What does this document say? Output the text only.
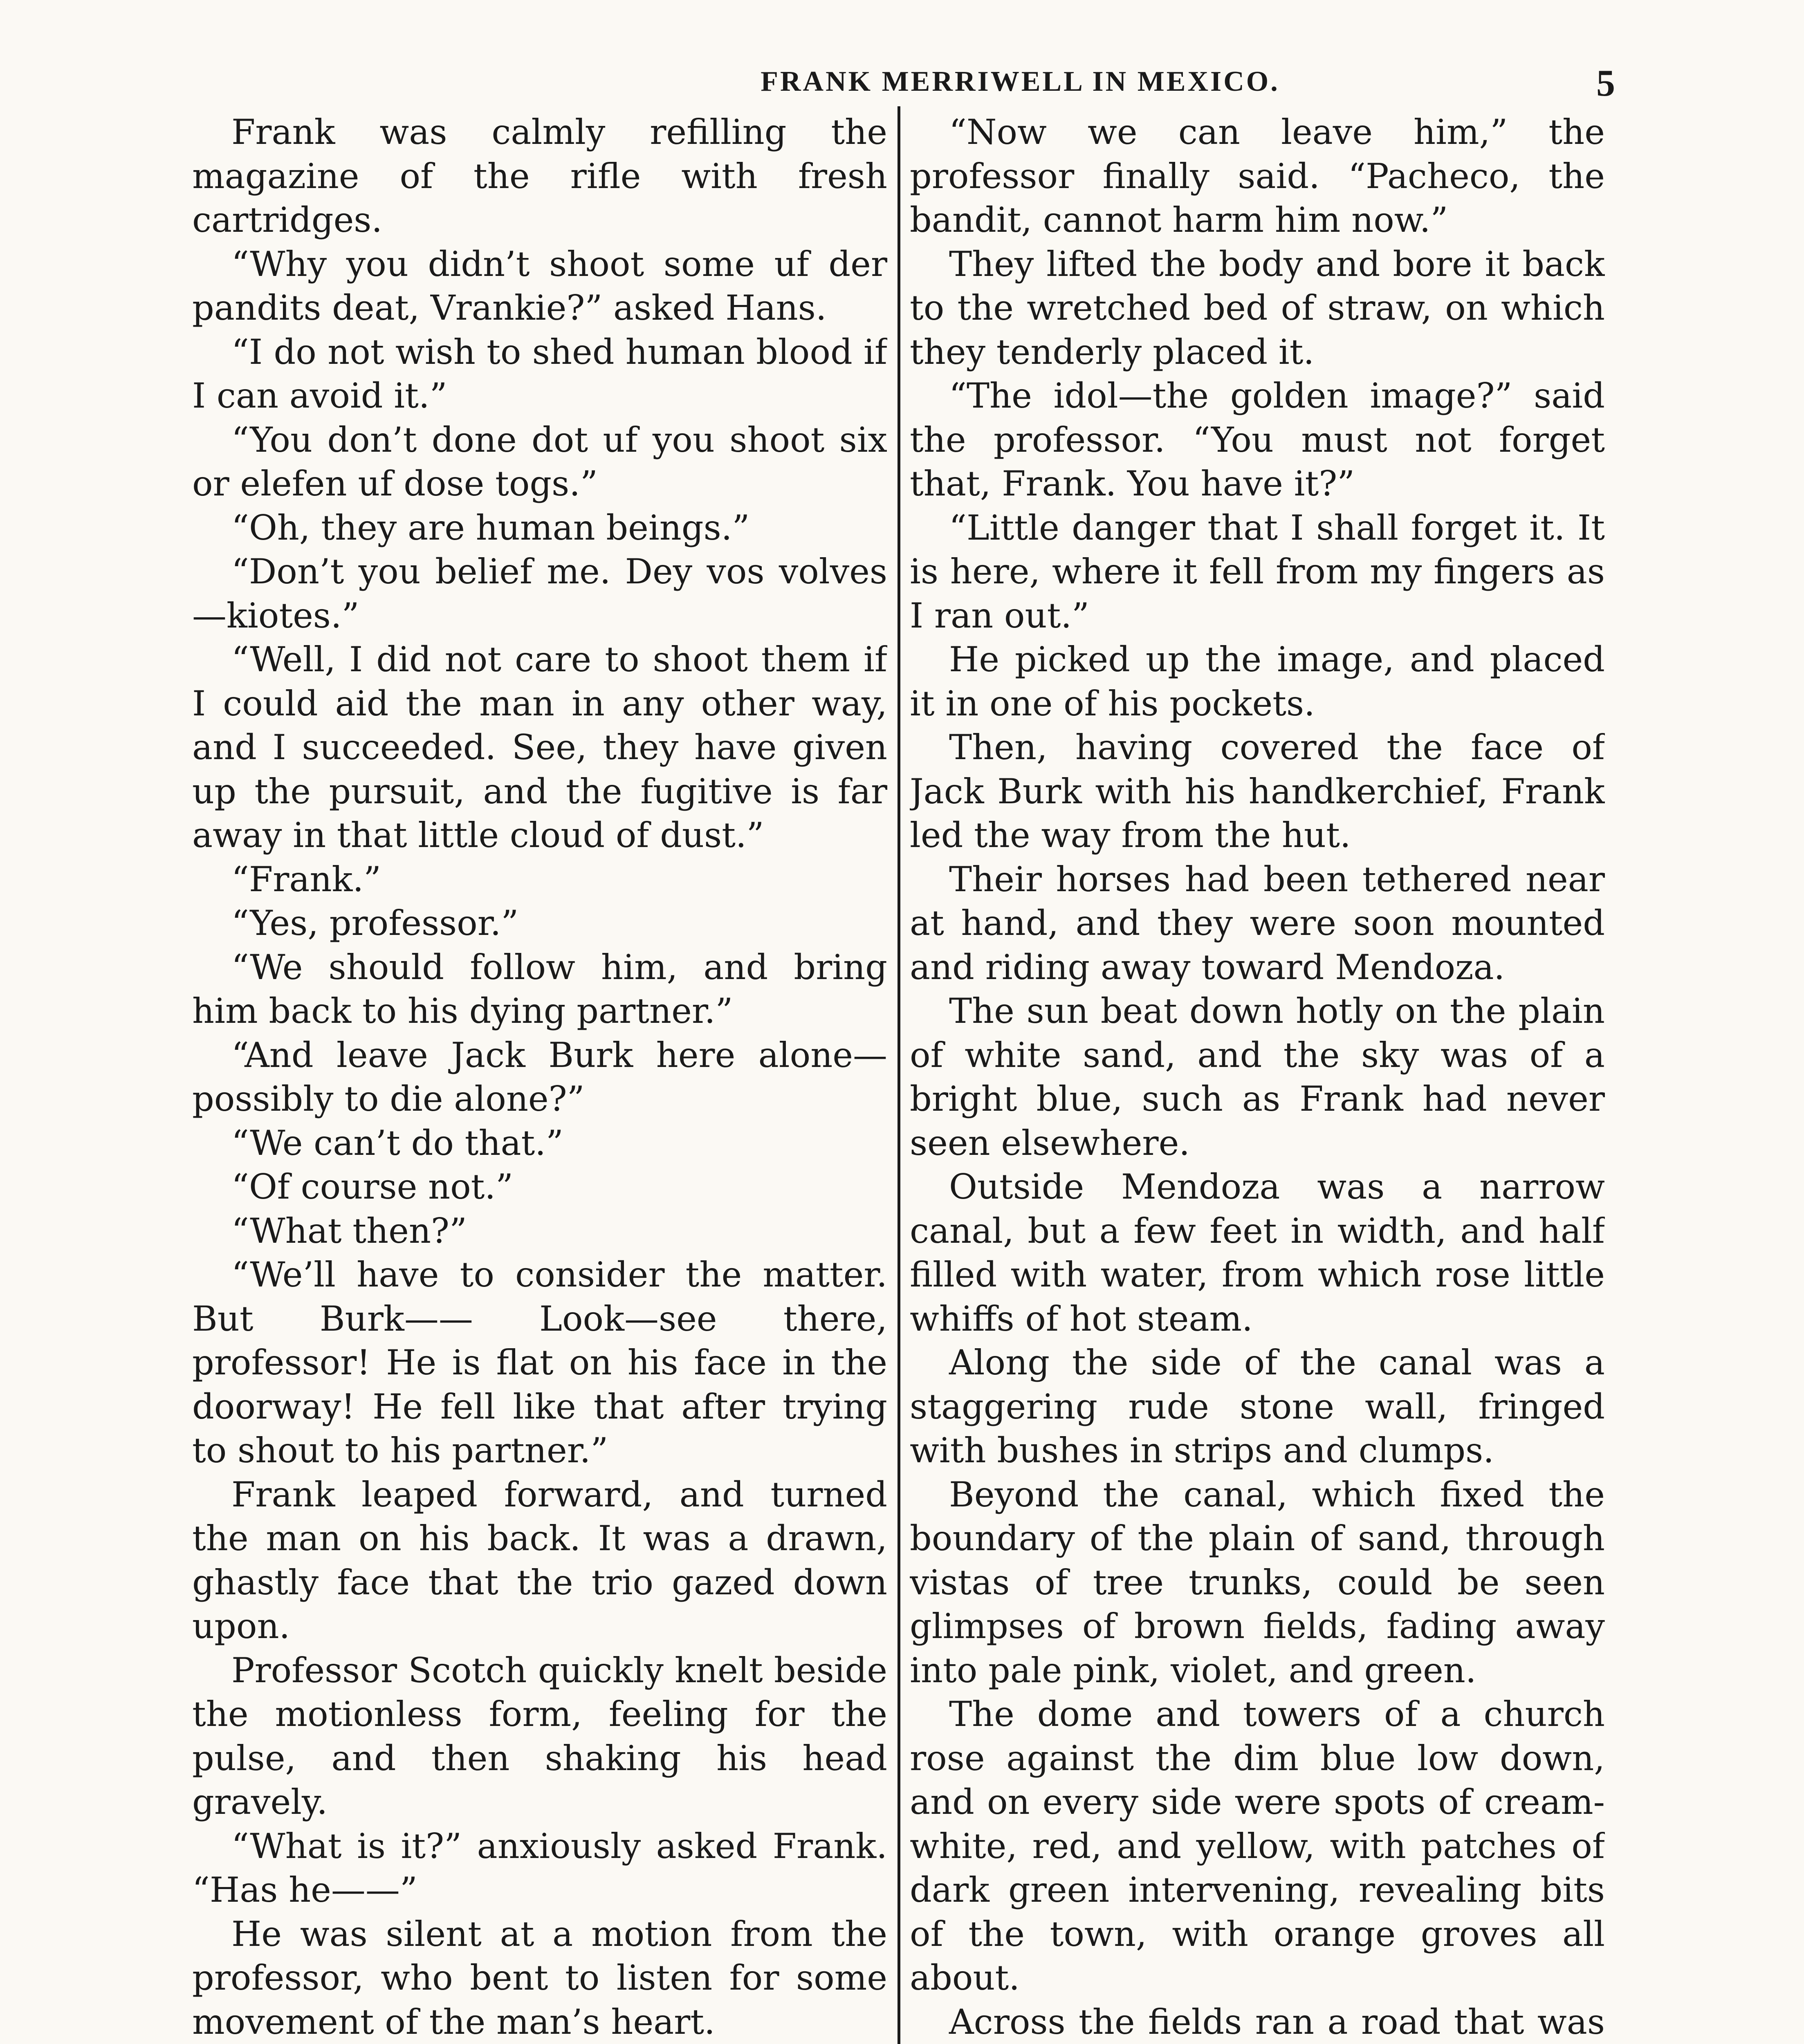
FRANK MERRIWELL IN MEXICO.	5

Frank was calmly refilling the magazine of the rifle with fresh cartridges.

“Why you didn’t shoot some uf der pandits deat, Vrankie?” asked Hans.

“I do not wish to shed human blood if I can avoid it.”

“You don’t done dot uf you shoot six or elefen uf dose togs.”

“Oh, they are human beings.”

“Don’t you belief me. Dey vos volves —kiotes.”

“Well, I did not care to shoot them if I could aid the man in any other way, and I succeeded. See, they have given up the pursuit, and the fugitive is far away in that little cloud of dust.”

“Frank.”

“Yes, professor.”

“We should follow him, and bring him back to his dying partner.”

“And leave Jack Burk here alone— possibly to die alone?”

“We can’t do that.”

“Of course not.”

“What then?”

“We’ll have to consider the matter. But Burk—— Look—see there, professor! He is flat on his face in the doorway! He fell like that after trying to shout to his partner.”

Frank leaped forward, and turned the man on his back. It was a drawn, ghastly face that the trio gazed down upon.

Professor Scotch quickly knelt beside the motionless form, feeling for the pulse, and then shaking his head gravely.

“What is it?” anxiously asked Frank. “Has he——”

He was silent at a motion from the professor, who bent to listen for some movement of the man’s heart.

“Now we can leave him,” the professor finally said. “Pacheco, the bandit, cannot harm him now.”

They lifted the body and bore it back to the wretched bed of straw, on which they tenderly placed it.

“The idol—the golden image?” said the professor. “You must not forget that, Frank. You have it?”

“Little danger that I shall forget it. It is here, where it fell from my fingers as I ran out.”

He picked up the image, and placed it in one of his pockets.

Then, having covered the face of Jack Burk with his handkerchief, Frank led the way from the hut.

Their horses had been tethered near at hand, and they were soon mounted and riding away toward Mendoza.

The sun beat down hotly on the plain of white sand, and the sky was of a bright blue, such as Frank had never seen elsewhere.

Outside Mendoza was a narrow canal, but a few feet in width, and half filled with water, from which rose little whiffs of hot steam.

Along the side of the canal was a staggering rude stone wall, fringed with bushes in strips and clumps.

Beyond the canal, which fixed the boundary of the plain of sand, through vistas of tree trunks, could be seen glimpses of brown fields, fading away into pale pink, violet, and green.

The dome and towers of a church rose against the dim blue low down, and on every side were spots of cream-white, red, and yellow, with patches of dark green intervening, revealing bits of the town, with orange groves all about.

Across the fields ran a road that was
